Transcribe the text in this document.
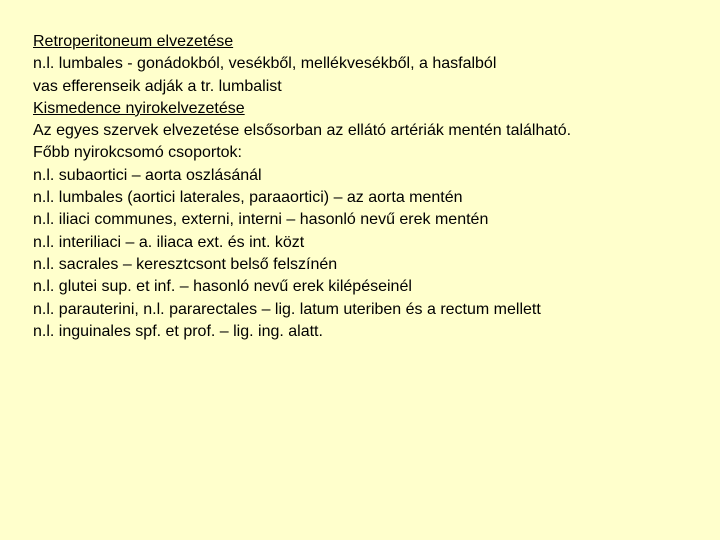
Retroperitoneum elvezetése
n.l. lumbales - gonádokból, vesékből, mellékvesékből, a hasfalból
vas efferenseik adják a tr. lumbalist
Kismedence nyirokelvezetése
Az egyes szervek elvezetése elsősorban az ellátó artériák mentén található.
Főbb nyirokcsomó csoportok:
n.l. subaortici – aorta oszlásánál
n.l. lumbales (aortici laterales, paraaortici) – az aorta mentén
n.l. iliaci communes, externi, interni – hasonló nevű erek mentén
n.l. interiliaci – a. iliaca ext. és int. közt
n.l. sacrales – keresztcsont belső felszínén
n.l. glutei sup. et inf. – hasonló nevű erek kilépéseinél
n.l. parauterini, n.l. pararectales – lig. latum uteriben és a rectum mellett
n.l. inguinales spf. et prof. – lig. ing. alatt.
